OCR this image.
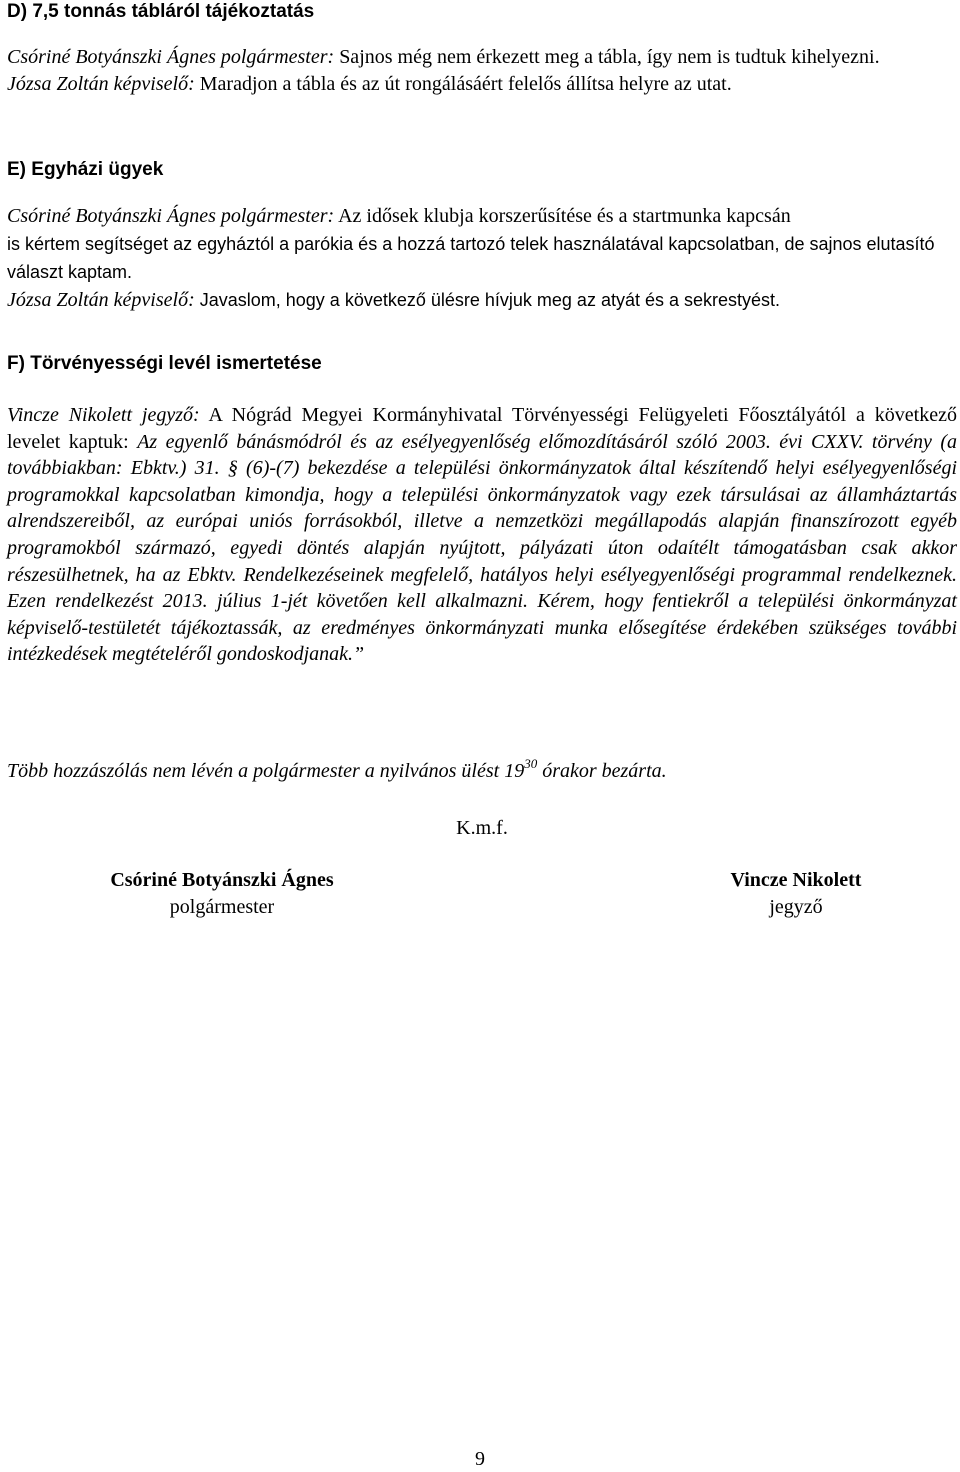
D) 7,5 tonnás tábláról tájékoztatás

Csóriné Botyánszki Ágnes polgármester: Sajnos még nem érkezett meg a tábla, így nem is tudtuk kihelyezni.

Józsa Zoltán képviselő: Maradjon a tábla és az út rongálásáért felelős állítsa helyre az utat.

E) Egyházi ügyek

Csóriné Botyánszki Ágnes polgármester: Az idősek klubja korszerűsítése és a startmunka kapcsán
is kértem segítséget az egyháztól a parókia és a hozzá tartozó telek használatával kapcsolatban, de sajnos elutasító választ kaptam.

Józsa Zoltán képviselő: Javaslom, hogy a következő ülésre hívjuk meg az atyát és a sekrestyést.

F) Törvényességi levél ismertetése

Vincze Nikolett jegyző: A Nógrád Megyei Kormányhivatal Törvényességi Felügyeleti Főosztályától a következő levelet kaptuk: Az egyenlő bánásmódról és az esélyegyenlőség előmozdításáról szóló 2003. évi CXXV. törvény (a továbbiakban: Ebktv.) 31. § (6)-(7) bekezdése a települési önkormányzatok által készítendő helyi esélyegyenlőségi programokkal kapcsolatban kimondja, hogy a települési önkormányzatok vagy ezek társulásai az államháztartás alrendszereiből, az európai uniós forrásokból, illetve a nemzetközi megállapodás alapján finanszírozott egyéb programokból származó, egyedi döntés alapján nyújtott, pályázati úton odaítélt támogatásban csak akkor részesülhetnek, ha az Ebktv. Rendelkezéseinek megfelelő, hatályos helyi esélyegyenlőségi programmal rendelkeznek. Ezen rendelkezést 2013. július 1-jét követően kell alkalmazni. Kérem, hogy fentiekről a települési önkormányzat képviselő-testületét tájékoztassák, az eredményes önkormányzati munka elősegítése érdekében szükséges további intézkedések megtételéről gondoskodjanak.”

Több hozzászólás nem lévén a polgármester a nyilvános ülést $19^{30}$ órakor bezárta.

K.m.f.
Csóriné Botyánszki Ágnes
polgármester
Vincze Nikolett
jegyző
9
